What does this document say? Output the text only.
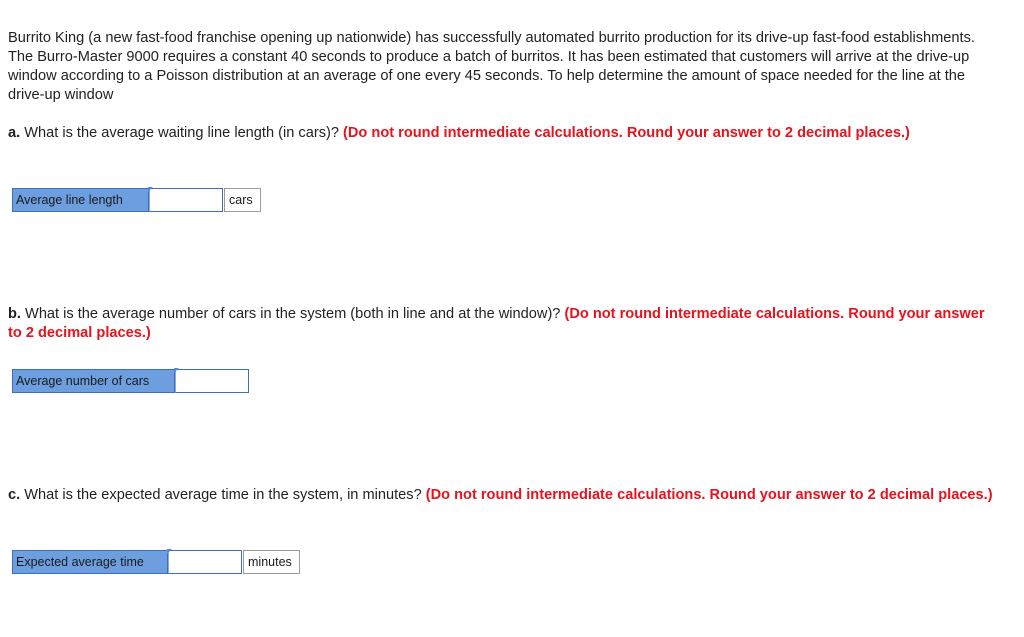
Burrito King (a new fast-food franchise opening up nationwide) has successfully automated burrito production for its drive-up fast-food establishments. The Burro-Master 9000 requires a constant 40 seconds to produce a batch of burritos. It has been estimated that customers will arrive at the drive-up window according to a Poisson distribution at an average of one every 45 seconds. To help determine the amount of space needed for the line at the drive-up window

a. What is the average waiting line length (in cars)? (Do not round intermediate calculations. Round your answer to 2 decimal places.)

Average line length	cars

b. What is the average number of cars in the system (both in line and at the window)? (Do not round intermediate calculations. Round your answer to 2 decimal places.)

Average number of cars

c. What is the expected average time in the system, in minutes? (Do not round intermediate calculations. Round your answer to 2 decimal places.)

Expected average time	minutes
